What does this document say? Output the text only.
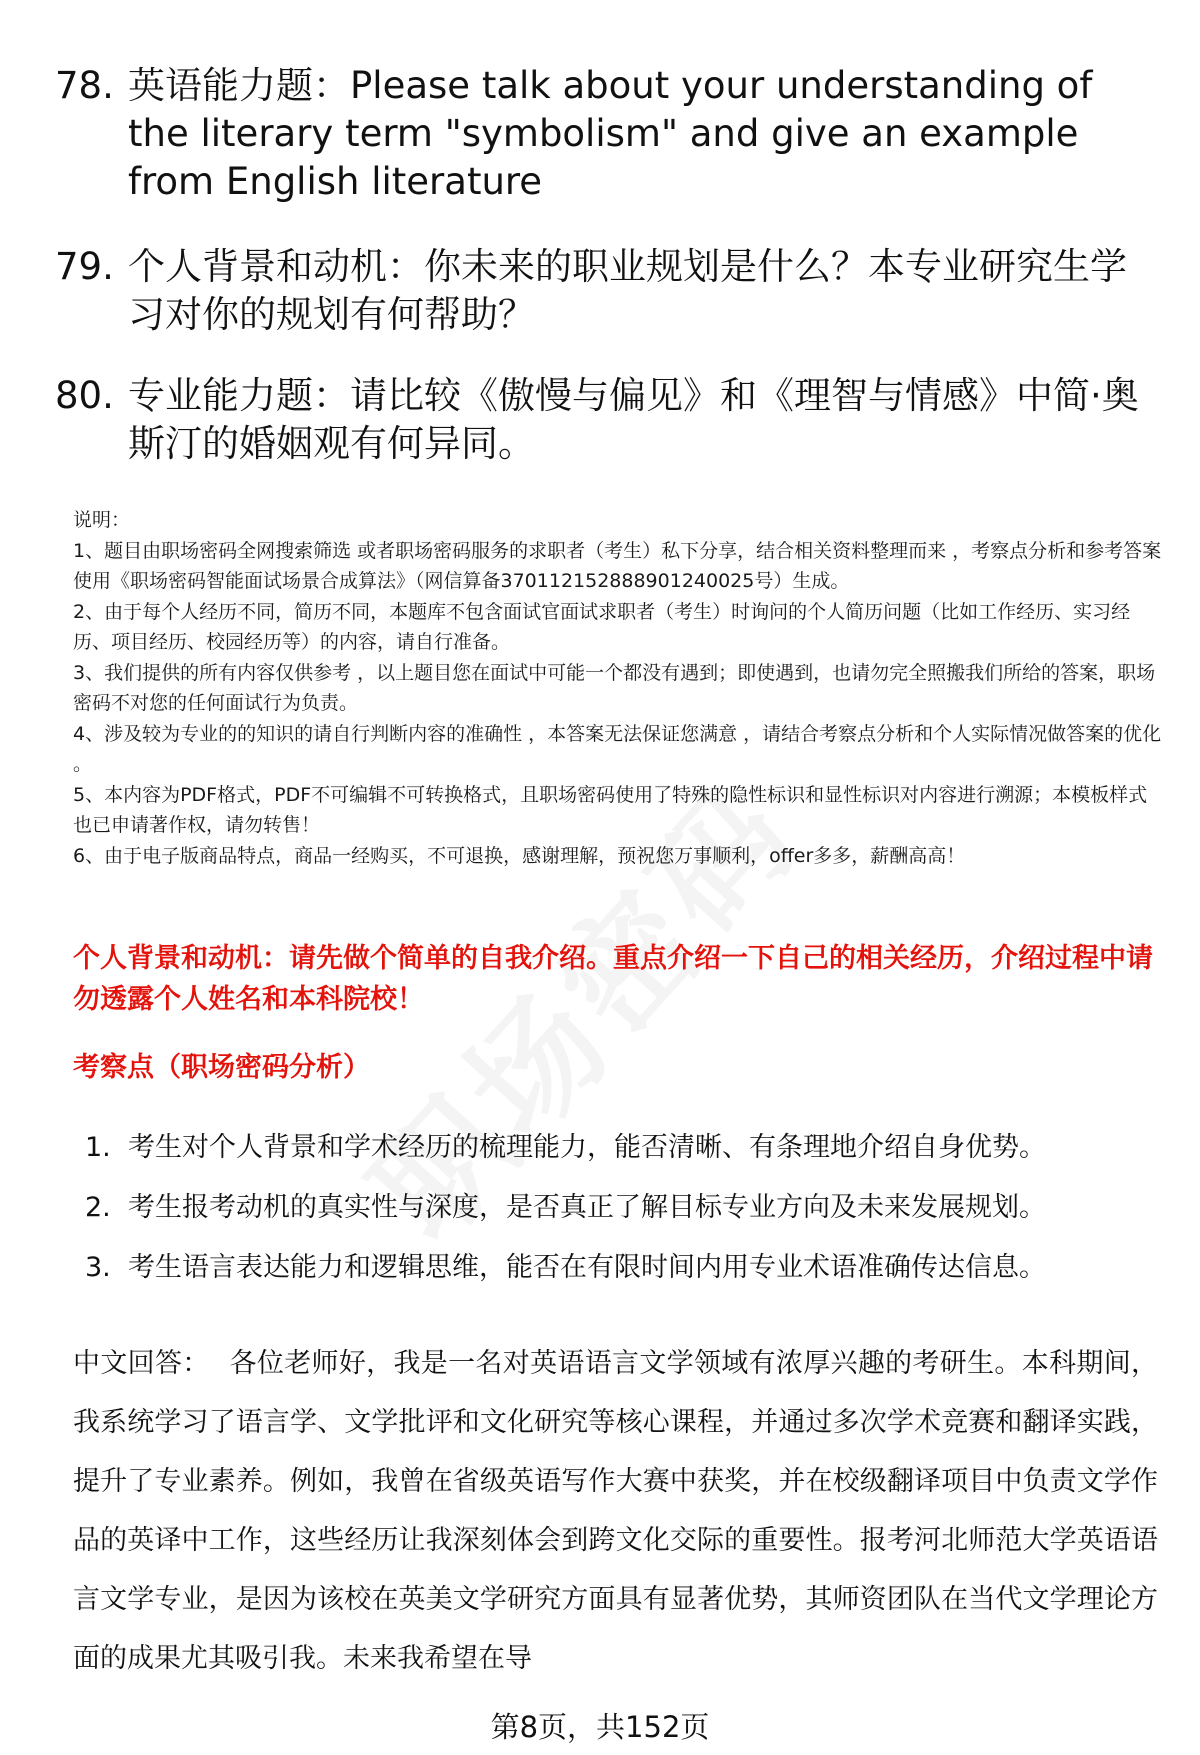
78. 英语能力题：Please talk about your understanding of the literary term "symbolism" and give an example from English literature
79. 个人背景和动机：你未来的职业规划是什么？本专业研究生学习对你的规划有何帮助？
80. 专业能力题：请比较《傲慢与偏见》和《理智与情感》中简·奥斯汀的婚姻观有何异同。

说明：

1、题目由职场密码全网搜索筛选 或者职场密码服务的求职者（考生）私下分享，结合相关资料整理而来 ，考察点分析和参考答案使用《职场密码智能面试场景合成算法》（网信算备370112152888901240025号）生成。

2、由于每个人经历不同，简历不同，本题库不包含面试官面试求职者（考生）时询问的个人简历问题（比如工作经历、实习经历、项目经历、校园经历等）的内容，请自行准备。

3、我们提供的所有内容仅供参考 ，以上题目您在面试中可能一个都没有遇到；即使遇到，也请勿完全照搬我们所给的答案，职场密码不对您的任何面试行为负责。

4、涉及较为专业的的知识的请自行判断内容的准确性 ，本答案无法保证您满意 ，请结合考察点分析和个人实际情况做答案的优化 。

5、本内容为PDF格式，PDF不可编辑不可转换格式，且职场密码使用了特殊的隐性标识和显性标识对内容进行溯源；本模板样式也已申请著作权，请勿转售！

6、由于电子版商品特点，商品一经购买，不可退换，感谢理解，预祝您万事顺利，offer多多，薪酬高高！

个人背景和动机：请先做个简单的自我介绍。重点介绍一下自己的相关经历，介绍过程中请勿透露个人姓名和本科院校！
考察点（职场密码分析）
1. 考生对个人背景和学术经历的梳理能力，能否清晰、有条理地介绍自身优势。
2. 考生报考动机的真实性与深度，是否真正了解目标专业方向及未来发展规划。
3. 考生语言表达能力和逻辑思维，能否在有限时间内用专业术语准确传达信息。
中文回答： 各位老师好，我是一名对英语语言文学领域有浓厚兴趣的考研生。本科期间，我系统学习了语言学、文学批评和文化研究等核心课程，并通过多次学术竞赛和翻译实践，提升了专业素养。例如，我曾在省级英语写作大赛中获奖，并在校级翻译项目中负责文学作品的英译中工作，这些经历让我深刻体会到跨文化交际的重要性。报考河北师范大学英语语言文学专业，是因为该校在英美文学研究方面具有显著优势，其师资团队在当代文学理论方面的成果尤其吸引我。未来我希望在导
第8页，共152页
